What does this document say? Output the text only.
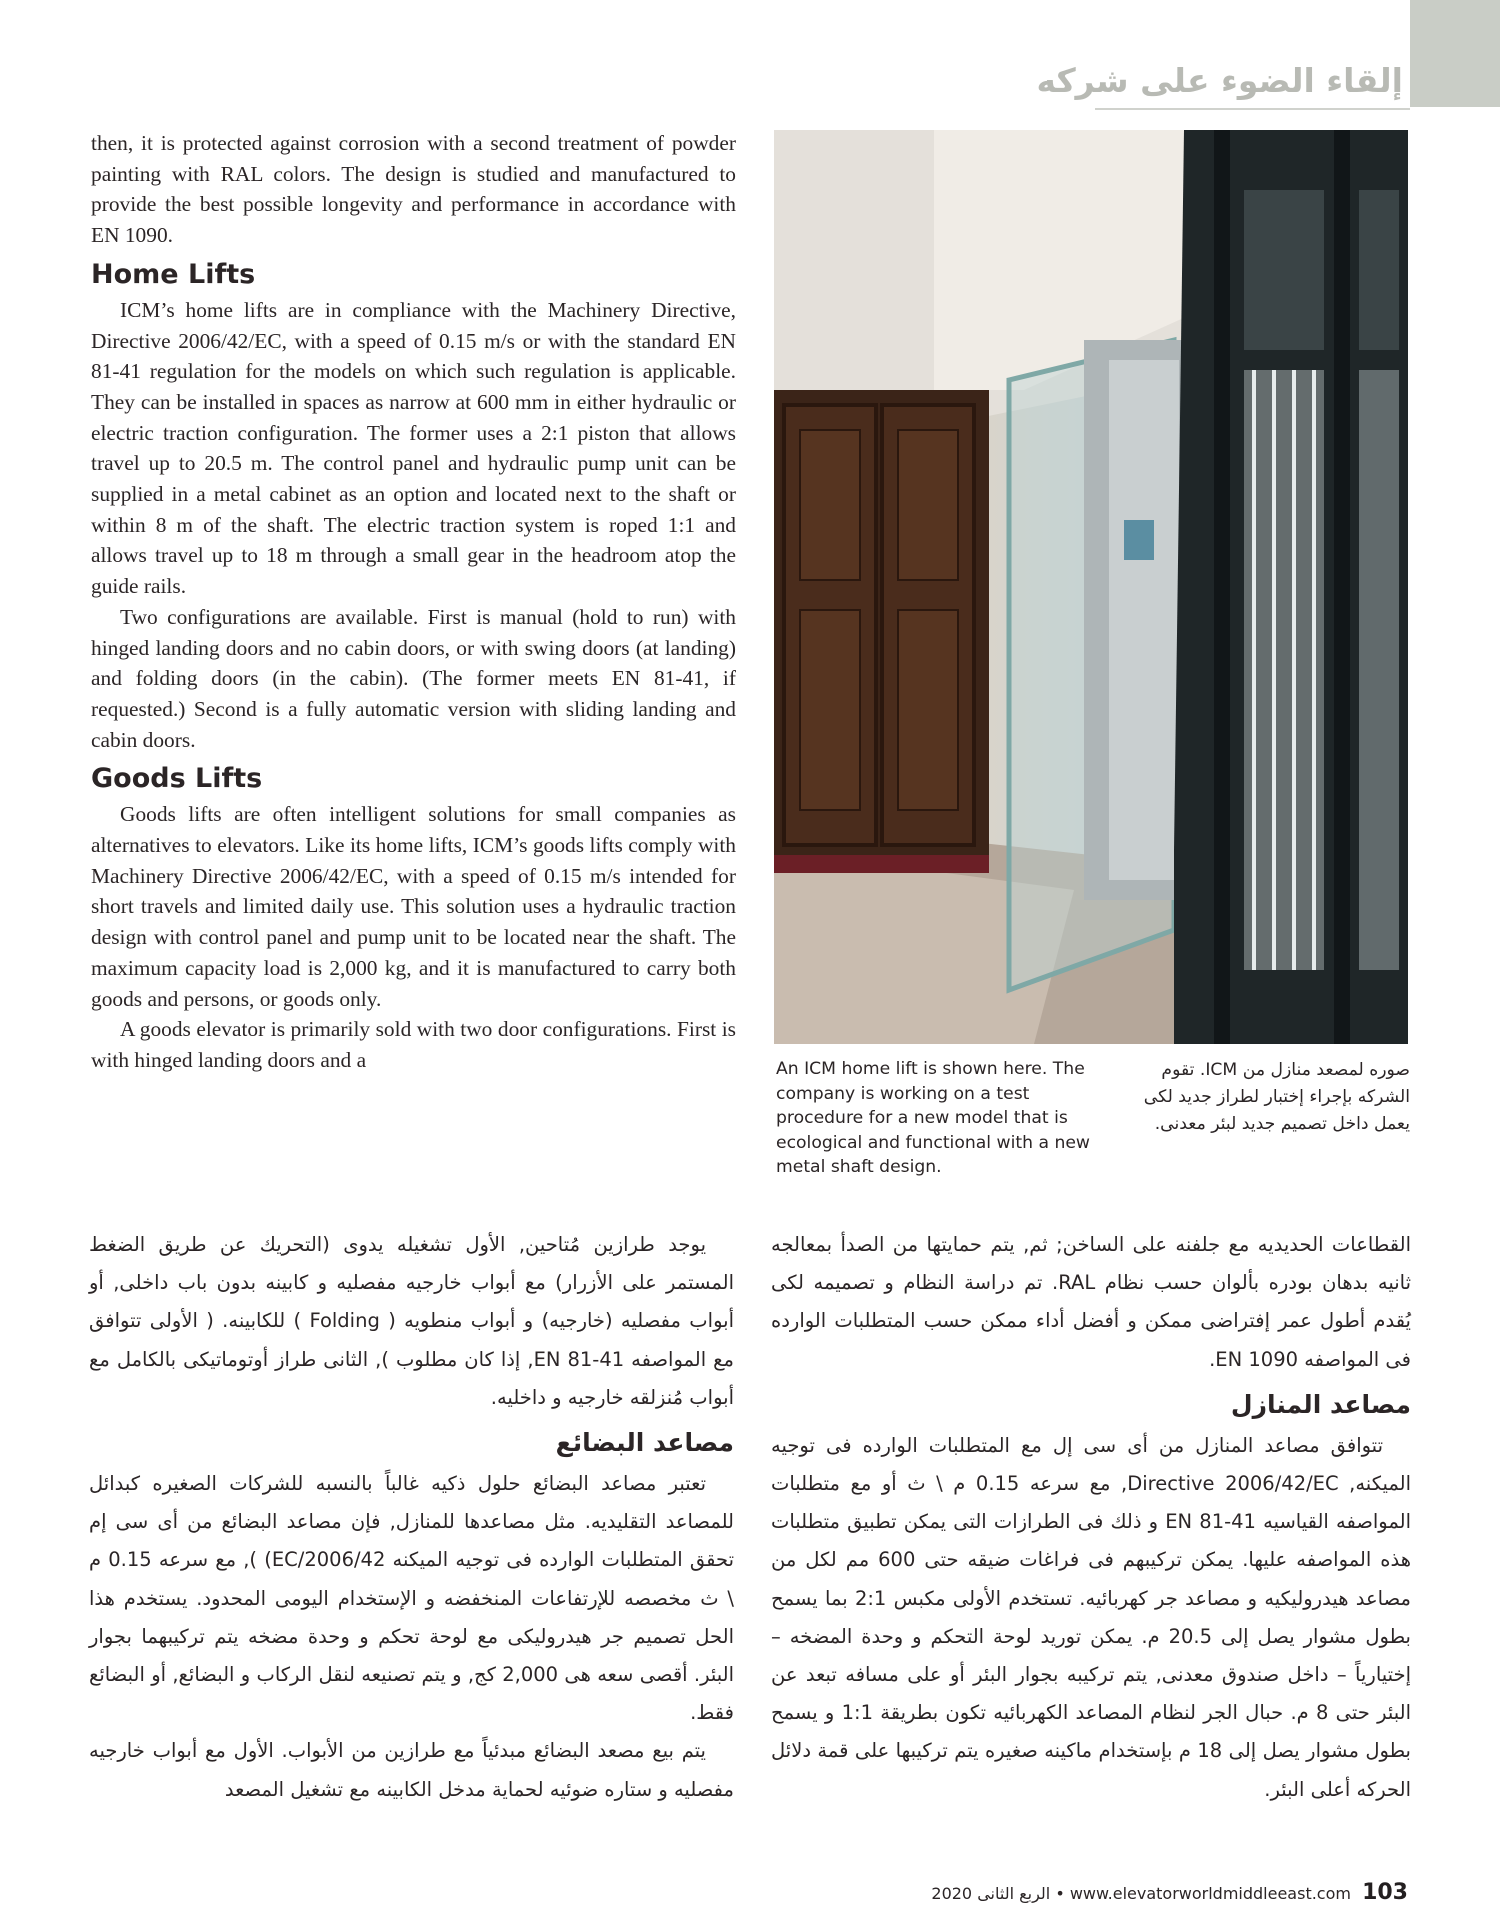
إلقاء الضوء على شركه

then, it is protected against corrosion with a second treatment of powder painting with RAL colors. The design is studied and manufactured to provide the best possible longevity and performance in accordance with EN 1090.

Home Lifts

ICM’s home lifts are in compliance with the Machinery Directive, Directive 2006/42/EC, with a speed of 0.15 m/s or with the standard EN 81-41 regulation for the models on which such regulation is applicable. They can be installed in spaces as narrow at 600 mm in either hydraulic or electric traction configuration. The former uses a 2:1 piston that allows travel up to 20.5 m. The control panel and hydraulic pump unit can be supplied in a metal cabinet as an option and located next to the shaft or within 8 m of the shaft. The electric traction system is roped 1:1 and allows travel up to 18 m through a small gear in the headroom atop the guide rails.

Two configurations are available. First is manual (hold to run) with hinged landing doors and no cabin doors, or with swing doors (at landing) and folding doors (in the cabin). (The former meets EN 81-41, if requested.) Second is a fully automatic version with sliding landing and cabin doors.

Goods Lifts

Goods lifts are often intelligent solutions for small companies as alternatives to elevators. Like its home lifts, ICM’s goods lifts comply with Machinery Directive 2006/42/EC, with a speed of 0.15 m/s intended for short travels and limited daily use. This solution uses a hydraulic traction design with control panel and pump unit to be located near the shaft. The maximum capacity load is 2,000 kg, and it is manufactured to carry both goods and persons, or goods only.

A goods elevator is primarily sold with two door configurations. First is with hinged landing doors and a	An ICM home lift is shown here. The company is working on a test procedure for a new model that is ecological and functional with a new metal shaft design.
صوره لمصعد منازل من ICM. تقوم الشركه بإجراء إختبار لطراز جديد لكى يعمل داخل تصميم جديد لبئر معدنى.

القطاعات الحديديه مع جلفنه على الساخن; ثم, يتم حمايتها من الصدأ بمعالجه ثانيه بدهان بودره بألوان حسب نظام RAL. تم دراسة النظام و تصميمه لكى يُقدم أطول عمر إفتراضى ممكن و أفضل أداء ممكن حسب المتطلبات الوارده فى المواصفه EN 1090.

مصاعد المنازل

تتوافق مصاعد المنازل من أى سى إل مع المتطلبات الوارده فى توجيه الميكنه, Directive 2006/42/EC, مع سرعه 0.15 م \ ث أو مع متطلبات المواصفه القياسيه EN 81-41 و ذلك فى الطرازات التى يمكن تطبيق متطلبات هذه المواصفه عليها. يمكن تركيبهم فى فراغات ضيقه حتى 600 مم لكل من مصاعد هيدروليكيه و مصاعد جر كهربائيه. تستخدم الأولى مكبس 2:1 بما يسمح بطول مشوار يصل إلى 20.5 م. يمكن توريد لوحة التحكم و وحدة المضخه – إختيارياً – داخل صندوق معدنى, يتم تركيبه بجوار البئر أو على مسافه تبعد عن البئر حتى 8 م. حبال الجر لنظام المصاعد الكهربائيه تكون بطريقة 1:1 و يسمح بطول مشوار يصل إلى 18 م بإستخدام ماكينه صغيره يتم تركيبها على قمة دلائل الحركه أعلى البئر.

يوجد طرازين مُتاحين, الأول تشغيله يدوى (التحريك عن طريق الضغط المستمر على الأزرار) مع أبواب خارجيه مفصليه و كابينه بدون باب داخلى, أو أبواب مفصليه (خارجيه) و أبواب منطويه ( Folding ) للكابينه. ( الأولى تتوافق مع المواصفه EN 81-41, إذا كان مطلوب ), الثانى طراز أوتوماتيكى بالكامل مع أبواب مُنزلقه خارجيه و داخليه.

مصاعد البضائع

تعتبر مصاعد البضائع حلول ذكيه غالباً بالنسبه للشركات الصغيره كبدائل للمصاعد التقليديه. مثل مصاعدها للمنازل, فإن مصاعد البضائع من أى سى إم تحقق المتطلبات الوارده فى توجيه الميكنه EC/2006/42) ), مع سرعه 0.15 م \ ث مخصصه للإرتفاعات المنخفضه و الإستخدام اليومى المحدود. يستخدم هذا الحل تصميم جر هيدروليكى مع لوحة تحكم و وحدة مضخه يتم تركيبهما بجوار البئر. أقصى سعه هى 2,000 كج, و يتم تصنيعه لنقل الركاب و البضائع, أو البضائع فقط.

يتم بيع مصعد البضائع مبدئياً مع طرازين من الأبواب. الأول مع أبواب خارجيه مفصليه و ستاره ضوئيه لحماية مدخل الكابينه مع تشغيل المصعد

الربع الثانى 2020 • www.elevatorworldmiddleeast.com 103
